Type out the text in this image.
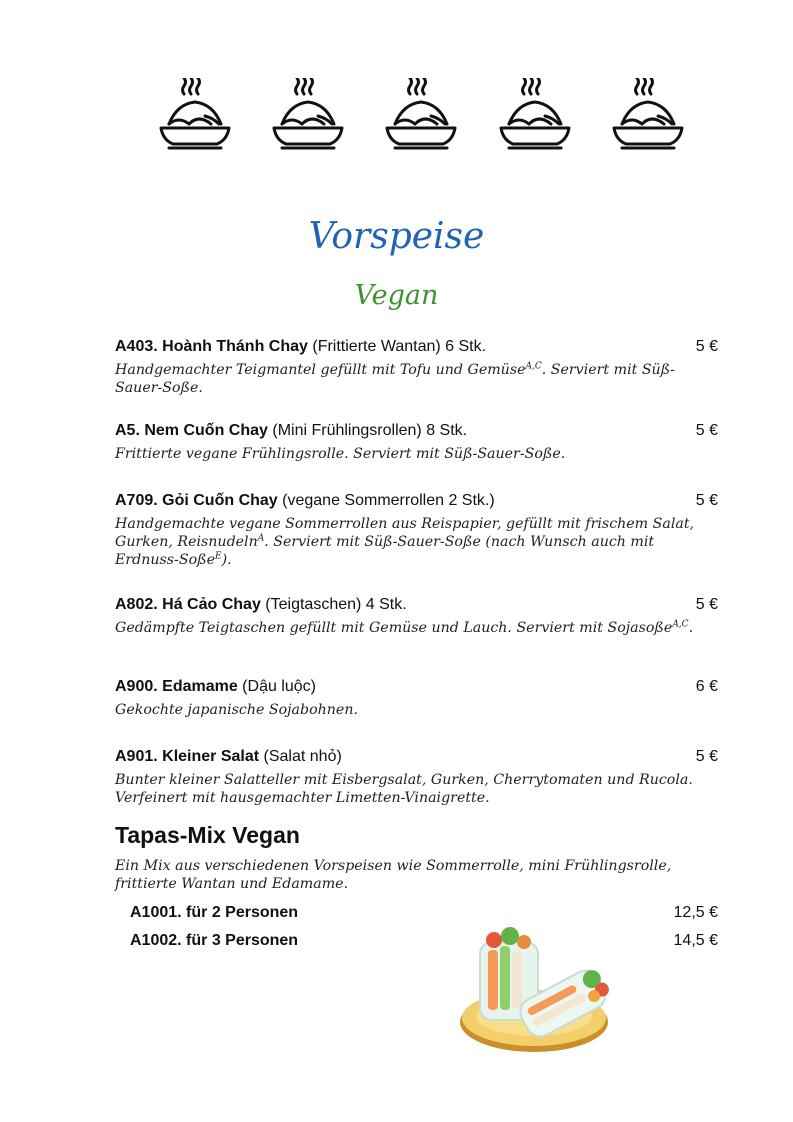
Vorspeise
Vegan
A403. Hoành Thánh Chay (Frittierte Wantan) 6 Stk.	5 €
Handgemachter Teigmantel gefüllt mit Tofu und Gemüse$^{A,C}$. Serviert mit Süß-Sauer-Soße.
A5. Nem Cuốn Chay (Mini Frühlingsrollen) 8 Stk.	5 €
Frittierte vegane Frühlingsrolle. Serviert mit Süß-Sauer-Soße.
A709. Gỏi Cuốn Chay (vegane Sommerrollen 2 Stk.)	5 €
Handgemachte vegane Sommerrollen aus Reispapier, gefüllt mit frischem Salat, Gurken, Reisnudeln$^A$. Serviert mit Süß-Sauer-Soße (nach Wunsch auch mit Erdnuss-Soße$^E$).
A802. Há Cảo Chay (Teigtaschen) 4 Stk.	5 €
Gedämpfte Teigtaschen gefüllt mit Gemüse und Lauch. Serviert mit Sojasoße$^{A,C}$.
A900. Edamame (Dậu luộc)	6 €
Gekochte japanische Sojabohnen.
A901. Kleiner Salat (Salat nhỏ)	5 €
Bunter kleiner Salatteller mit Eisbergsalat, Gurken, Cherrytomaten und Rucola. Verfeinert mit hausgemachter Limetten-Vinaigrette.
Tapas-Mix Vegan
Ein Mix aus verschiedenen Vorspeisen wie Sommerrolle, mini Frühlingsrolle, frittierte Wantan und Edamame.
A1001. für 2 Personen	12,5 €
A1002. für 3 Personen	14,5 €
